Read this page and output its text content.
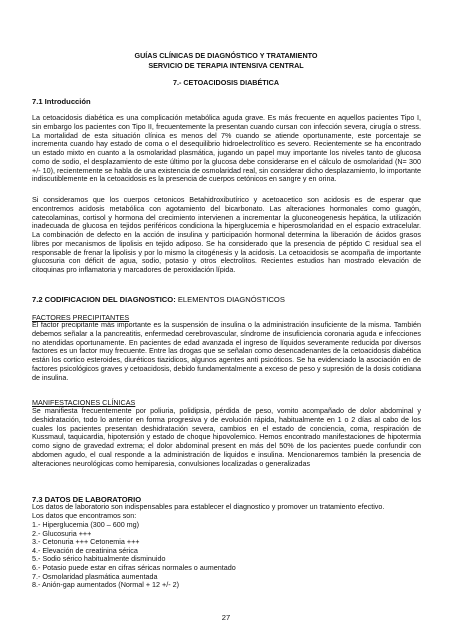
GUÍAS CLÍNICAS DE DIAGNÓSTICO Y TRATAMIENTO
SERVICIO DE TERAPIA INTENSIVA CENTRAL
7.- CETOACIDOSIS DIABÉTICA
7.1 Introducción

La cetoacidosis diabética es una complicación metabólica aguda grave. Es más frecuente en aquellos pacientes Tipo I, sin embargo los pacientes con Tipo II, frecuentemente la presentan cuando cursan con infección severa, cirugía o stress. La mortalidad de esta situación clínica es menos del 7% cuando se atiende oportunamente, este porcentaje se incrementa cuando hay estado de coma o el desequilibrio hidroelectrolítico es severo. Recientemente se ha encontrado un estado mixto en cuanto a la osmolaridad plasmática, jugando un papel muy importante los niveles tanto de glucosa como de sodio, el desplazamiento de este último por la glucosa debe considerarse en el cálculo de osmolaridad (N= 300 +/- 10), recientemente se habla de una existencia de osmolaridad real, sin considerar dicho desplazamiento, lo importante indiscutiblemente en la cetoacidosis es la presencia de cuerpos cetónicos en sangre y en orina.

Si consideramos que los cuerpos cetonicos Betahidroxibutírico y acetoacetico son acidosis es de esperar que encontremos acidosis metabólica con agotamiento del bicarbonato. Las alteraciones hormonales como guagón, catecolaminas, cortisol y hormona del crecimiento intervienen a incrementar la gluconeogenesis hepática, la utilización inadecuada de glucosa en tejidos periféricos condiciona la hiperglucemia e hiperosmolaridad en el espacio extracelular. La combinación de defecto en la acción de insulina y participación hormonal determina la liberación de ácidos grasos libres por mecanismos de lipolisis en tejido adiposo. Se ha considerado que la presencia de péptido C residual sea el responsable de frenar la lipolisis y por lo mismo la citogénesis y la acidosis. La cetoacidosis se acompaña de importante glucosuria con déficit de agua, sodio, potasio y otros electrolitos. Recientes estudios han mostrado elevación de citoquinas pro inflamatoria y marcadores de peroxidación lípida.

7.2 CODIFICACION DEL DIAGNOSTICO: ELEMENTOS DIAGNÓSTICOS
FACTORES PRECIPITANTES

El factor precipitante más importante es la suspensión de insulina o la administración insuficiente de la misma. También debemos señalar a la pancreatitis, enfermedad cerebrovascular, síndrome de insuficiencia coronaria aguda e infecciones no atendidas oportunamente. En pacientes de edad avanzada el ingreso de líquidos severamente reducida por diversos factores es un factor muy frecuente. Entre las drogas que se señalan como desencadenantes de la cetoacidosis diabética están los cortico esteroides, diuréticos tiazidicos, algunos agentes anti psicóticos. Se ha evidenciado la asociación en de factores psicológicos graves y cetoacidosis, debido fundamentalmente a exceso de peso y supresión de la dosis cotidiana de insulina.

MANIFESTACIONES CLÍNICAS

Se manifiesta frecuentemente por poliuria, polidipsia, pérdida de peso, vomito acompañado de dolor abdominal y deshidratación, todo lo anterior en forma progresiva y de evolución rápida, habitualmente en 1 o 2 días al cabo de los cuales los pacientes presentan deshidratación severa, cambios en el estado de conciencia, coma, respiración de Kussmaul, taquicardia, hipotensión y estado de choque hipovolemico. Hemos encontrado manifestaciones de hipotermia como signo de gravedad extrema; el dolor abdominal present en más del 50% de los pacientes puede confundir con abdomen agudo, el cual responde a la administración de liquidos e insulina. Mencionaremos también la presencia de alteraciones neurológicas como hemiparesia, convulsiones localizadas o generalizadas

7.3 DATOS DE LABORATORIO

Los datos de laboratorio son indispensables para establecer el diagnostico y promover un tratamiento efectivo.

Los datos que encontramos son:

1.- Hiperglucemia (300 – 600 mg)
2.- Glucosuria +++
3.- Cetonuria +++ Cetonemia +++
4.- Elevación de creatinina sérica
5.- Sodio sérico habitualmente disminuido
6.- Potasio puede estar en cifras séricas normales o aumentado
7.- Osmolaridad plasmática aumentada
8.- Anión-gap aumentados (Normal + 12 +/- 2)
27
